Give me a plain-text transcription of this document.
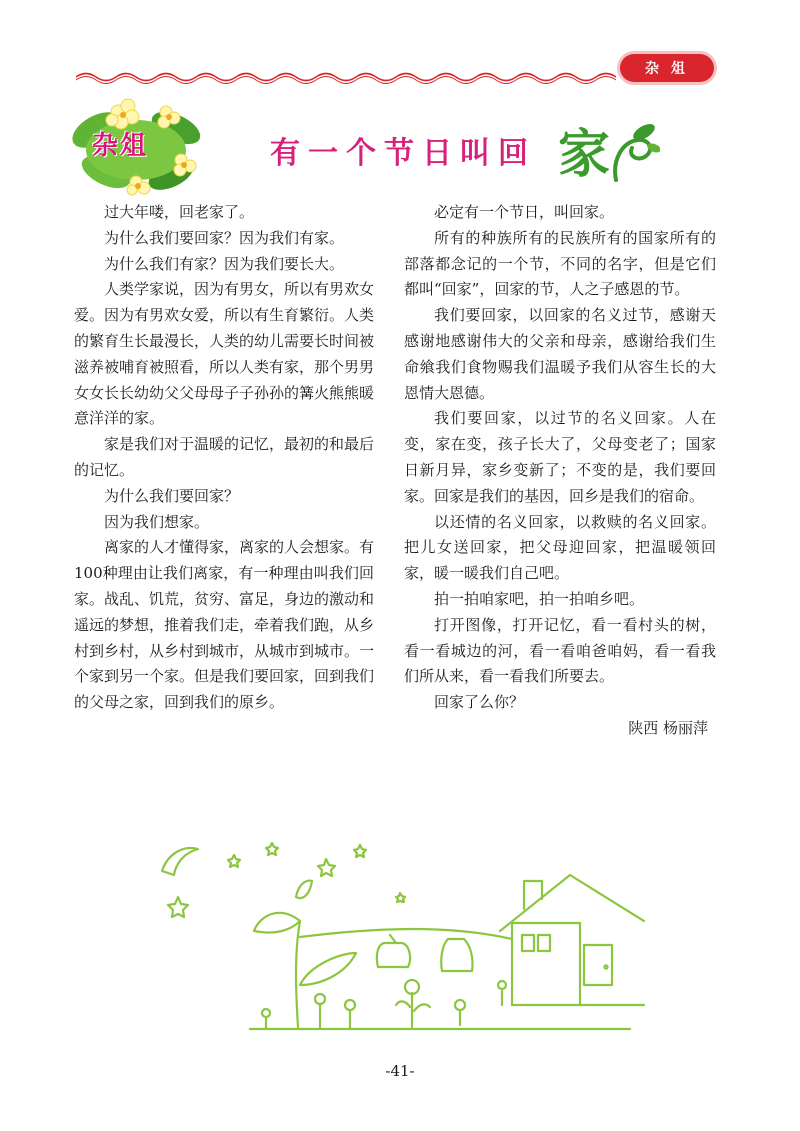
杂 俎
杂俎	有一个节日叫回 家

过大年喽，回老家了。

为什么我们要回家？因为我们有家。

为什么我们有家？因为我们要长大。

人类学家说，因为有男女，所以有男欢女爱。因为有男欢女爱，所以有生育繁衍。人类的繁育生长最漫长，人类的幼儿需要长时间被滋养被哺育被照看，所以人类有家，那个男男女女长长幼幼父父母母子子孙孙的篝火熊熊暖意洋洋的家。

家是我们对于温暖的记忆，最初的和最后的记忆。

为什么我们要回家？

因为我们想家。

离家的人才懂得家，离家的人会想家。有100种理由让我们离家，有一种理由叫我们回家。战乱、饥荒，贫穷、富足，身边的激动和遥远的梦想，推着我们走，牵着我们跑，从乡村到乡村，从乡村到城市，从城市到城市。一个家到另一个家。但是我们要回家，回到我们的父母之家，回到我们的原乡。

必定有一个节日，叫回家。

所有的种族所有的民族所有的国家所有的部落都念记的一个节，不同的名字，但是它们都叫“回家”，回家的节，人之子感恩的节。

我们要回家，以回家的名义过节，感谢天感谢地感谢伟大的父亲和母亲，感谢给我们生命飨我们食物赐我们温暖予我们从容生长的大恩情大恩德。

我们要回家，以过节的名义回家。人在变，家在变，孩子长大了，父母变老了；国家日新月异，家乡变新了；不变的是，我们要回家。回家是我们的基因，回乡是我们的宿命。

以还情的名义回家，以救赎的名义回家。把儿女送回家，把父母迎回家，把温暖领回家，暖一暖我们自己吧。

拍一拍咱家吧，拍一拍咱乡吧。

打开图像，打开记忆，看一看村头的树，看一看城边的河，看一看咱爸咱妈，看一看我们所从来，看一看我们所要去。

回家了么你？

陕西 杨丽萍

-41-
